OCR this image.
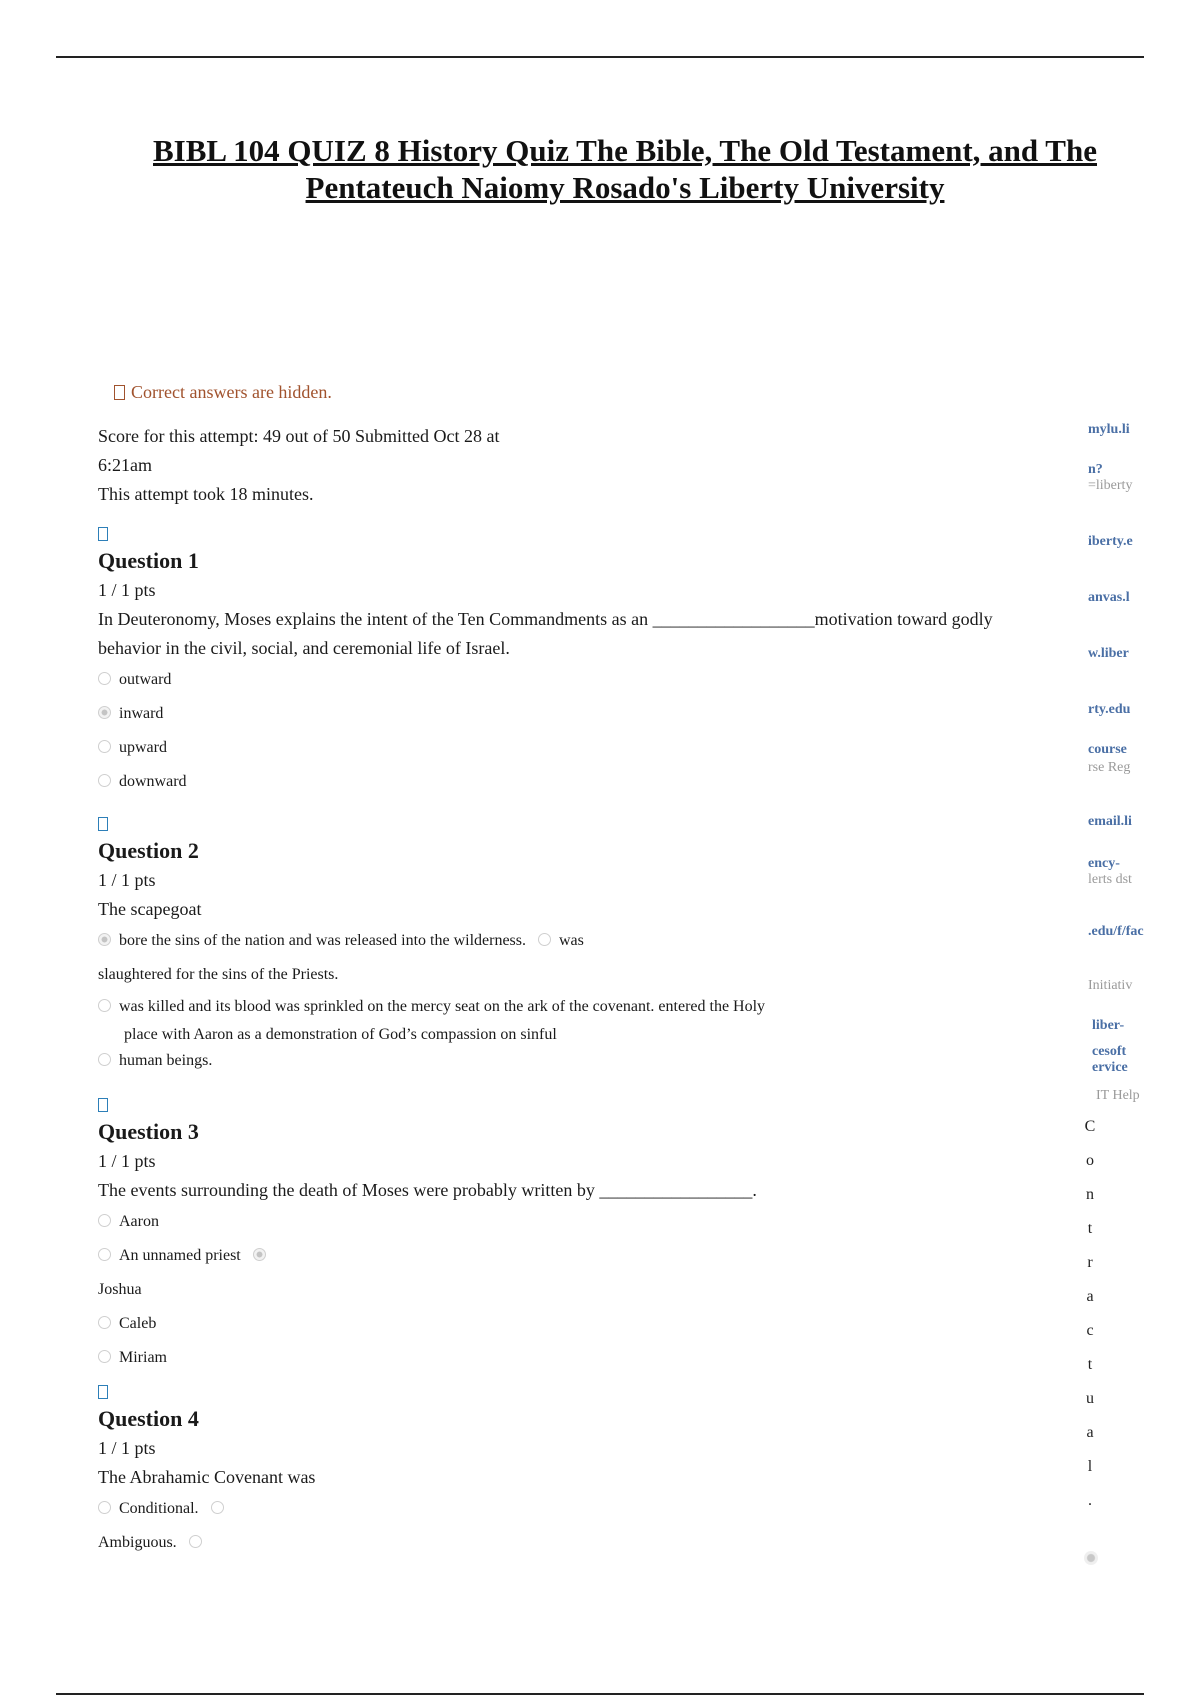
BIBL 104 QUIZ 8 History Quiz The Bible, The Old Testament, and The Pentateuch Naiomy Rosado's Liberty University
Correct answers are hidden.
Score for this attempt: 49 out of 50 Submitted Oct 28 at 6:21am
This attempt took 18 minutes.
Question 1
1 / 1 pts
In Deuteronomy, Moses explains the intent of the Ten Commandments as an __________________motivation toward godly behavior in the civil, social, and ceremonial life of Israel.
outward
inward
upward
downward
Question 2
1 / 1 pts
The scapegoat
bore the sins of the nation and was released into the wilderness. was
slaughtered for the sins of the Priests.
was killed and its blood was sprinkled on the mercy seat on the ark of the covenant. entered the Holy
place with Aaron as a demonstration of God’s compassion on sinful
human beings.
Question 3
1 / 1 pts
The events surrounding the death of Moses were probably written by _________________.
Aaron
An unnamed priest
Joshua
Caleb
Miriam
Question 4
1 / 1 pts
The Abrahamic Covenant was
Conditional.
Ambiguous.
mylu.li
n?
=liberty
iberty.e
anvas.l
w.liber
rty.edu
course
rse Reg
email.li
ency-
lerts dst
.edu/f/fac
Initiativ
liber-
cesoft
ervice
IT Help
C
o
n
t
r
a
c
t
u
a
l
.
